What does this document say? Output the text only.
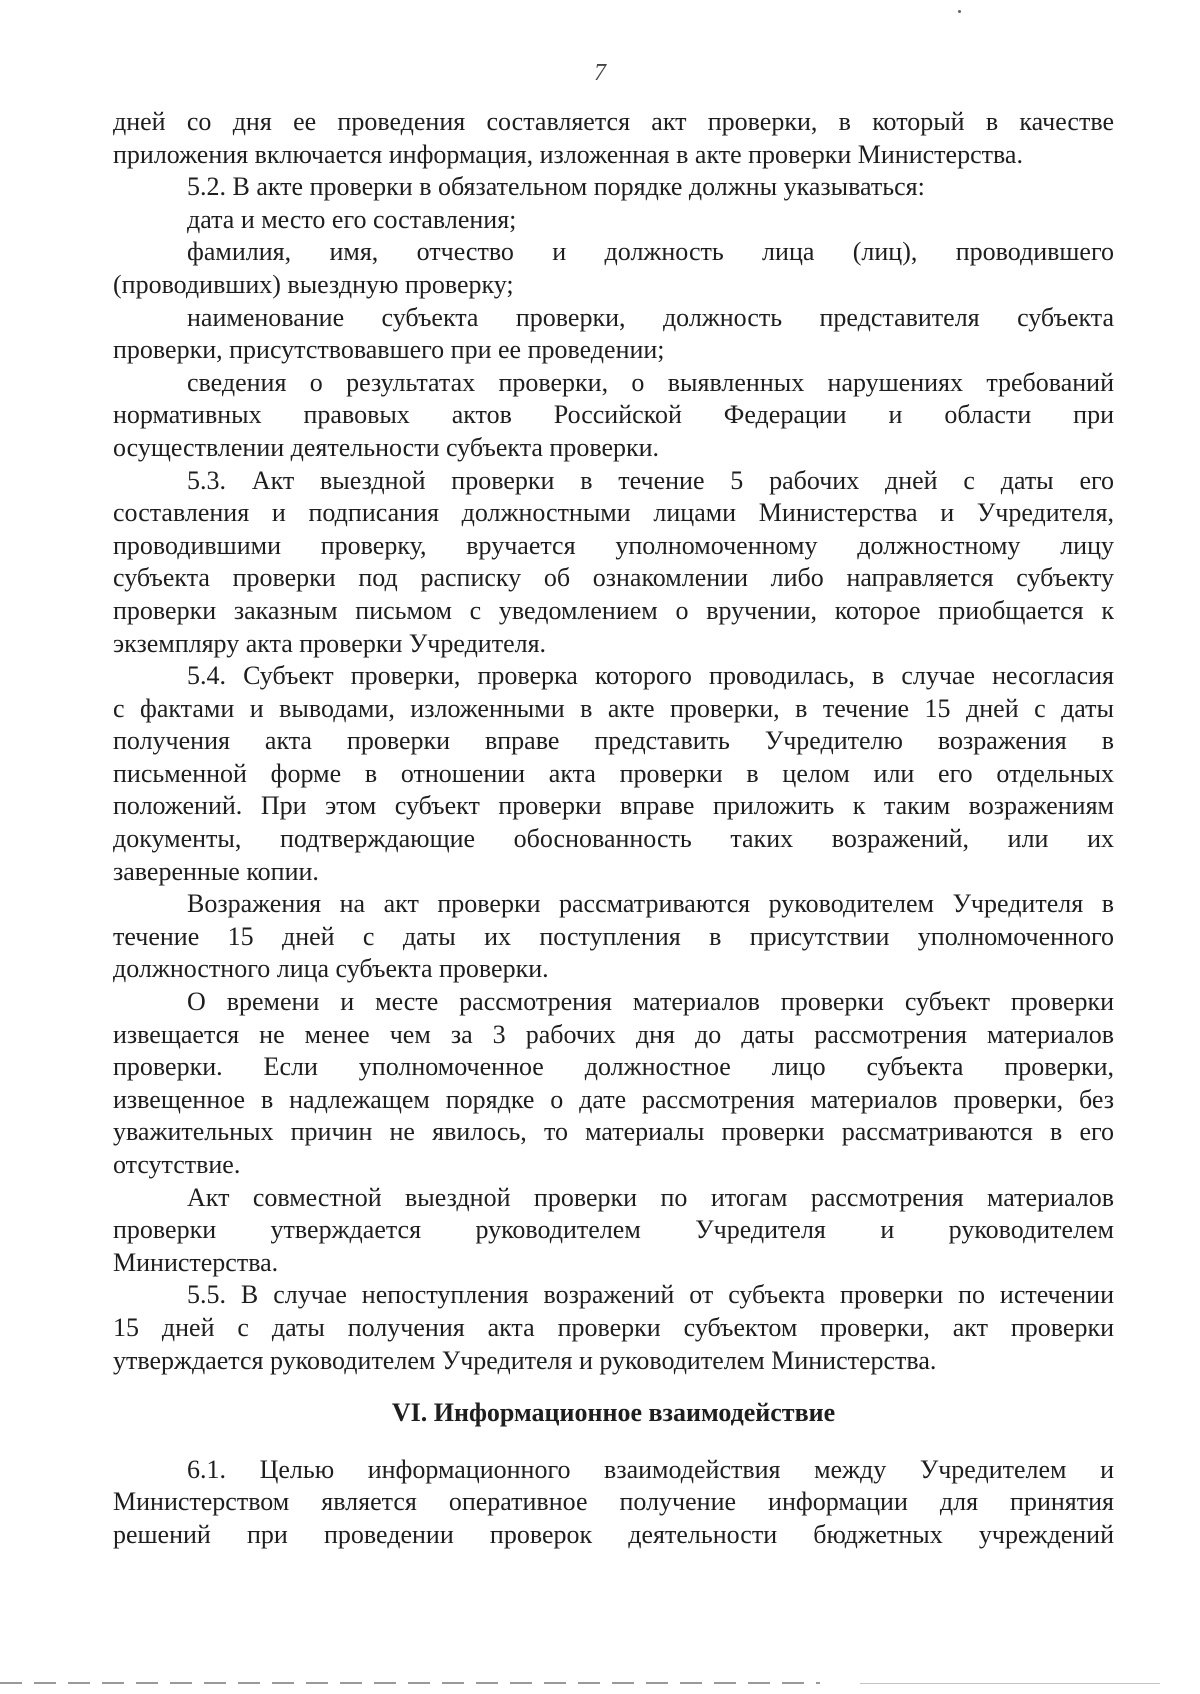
7
дней со дня ее проведения составляется акт проверки, в который в качестве
приложения включается информация, изложенная в акте проверки Министерства.
5.2. В акте проверки в обязательном порядке должны указываться:
дата и место его составления;
фамилия, имя, отчество и должность лица (лиц), проводившего
(проводивших) выездную проверку;
наименование субъекта проверки, должность представителя субъекта
проверки, присутствовавшего при ее проведении;
сведения о результатах проверки, о выявленных нарушениях требований
нормативных правовых актов Российской Федерации и области при
осуществлении деятельности субъекта проверки.
5.3. Акт выездной проверки в течение 5 рабочих дней с даты его
составления и подписания должностными лицами Министерства и Учредителя,
проводившими проверку, вручается уполномоченному должностному лицу
субъекта проверки под расписку об ознакомлении либо направляется субъекту
проверки заказным письмом с уведомлением о вручении, которое приобщается к
экземпляру акта проверки Учредителя.
5.4. Субъект проверки, проверка которого проводилась, в случае несогласия
с фактами и выводами, изложенными в акте проверки, в течение 15 дней с даты
получения акта проверки вправе представить Учредителю возражения в
письменной форме в отношении акта проверки в целом или его отдельных
положений. При этом субъект проверки вправе приложить к таким возражениям
документы, подтверждающие обоснованность таких возражений, или их
заверенные копии.
Возражения на акт проверки рассматриваются руководителем Учредителя в
течение 15 дней с даты их поступления в присутствии уполномоченного
должностного лица субъекта проверки.
О времени и месте рассмотрения материалов проверки субъект проверки
извещается не менее чем за 3 рабочих дня до даты рассмотрения материалов
проверки. Если уполномоченное должностное лицо субъекта проверки,
извещенное в надлежащем порядке о дате рассмотрения материалов проверки, без
уважительных причин не явилось, то материалы проверки рассматриваются в его
отсутствие.
Акт совместной выездной проверки по итогам рассмотрения материалов
проверки утверждается руководителем Учредителя и руководителем
Министерства.
5.5. В случае непоступления возражений от субъекта проверки по истечении
15 дней с даты получения акта проверки субъектом проверки, акт проверки
утверждается руководителем Учредителя и руководителем Министерства.
VI. Информационное взаимодействие
6.1. Целью информационного взаимодействия между Учредителем и
Министерством является оперативное получение информации для принятия
решений при проведении проверок деятельности бюджетных учреждений
